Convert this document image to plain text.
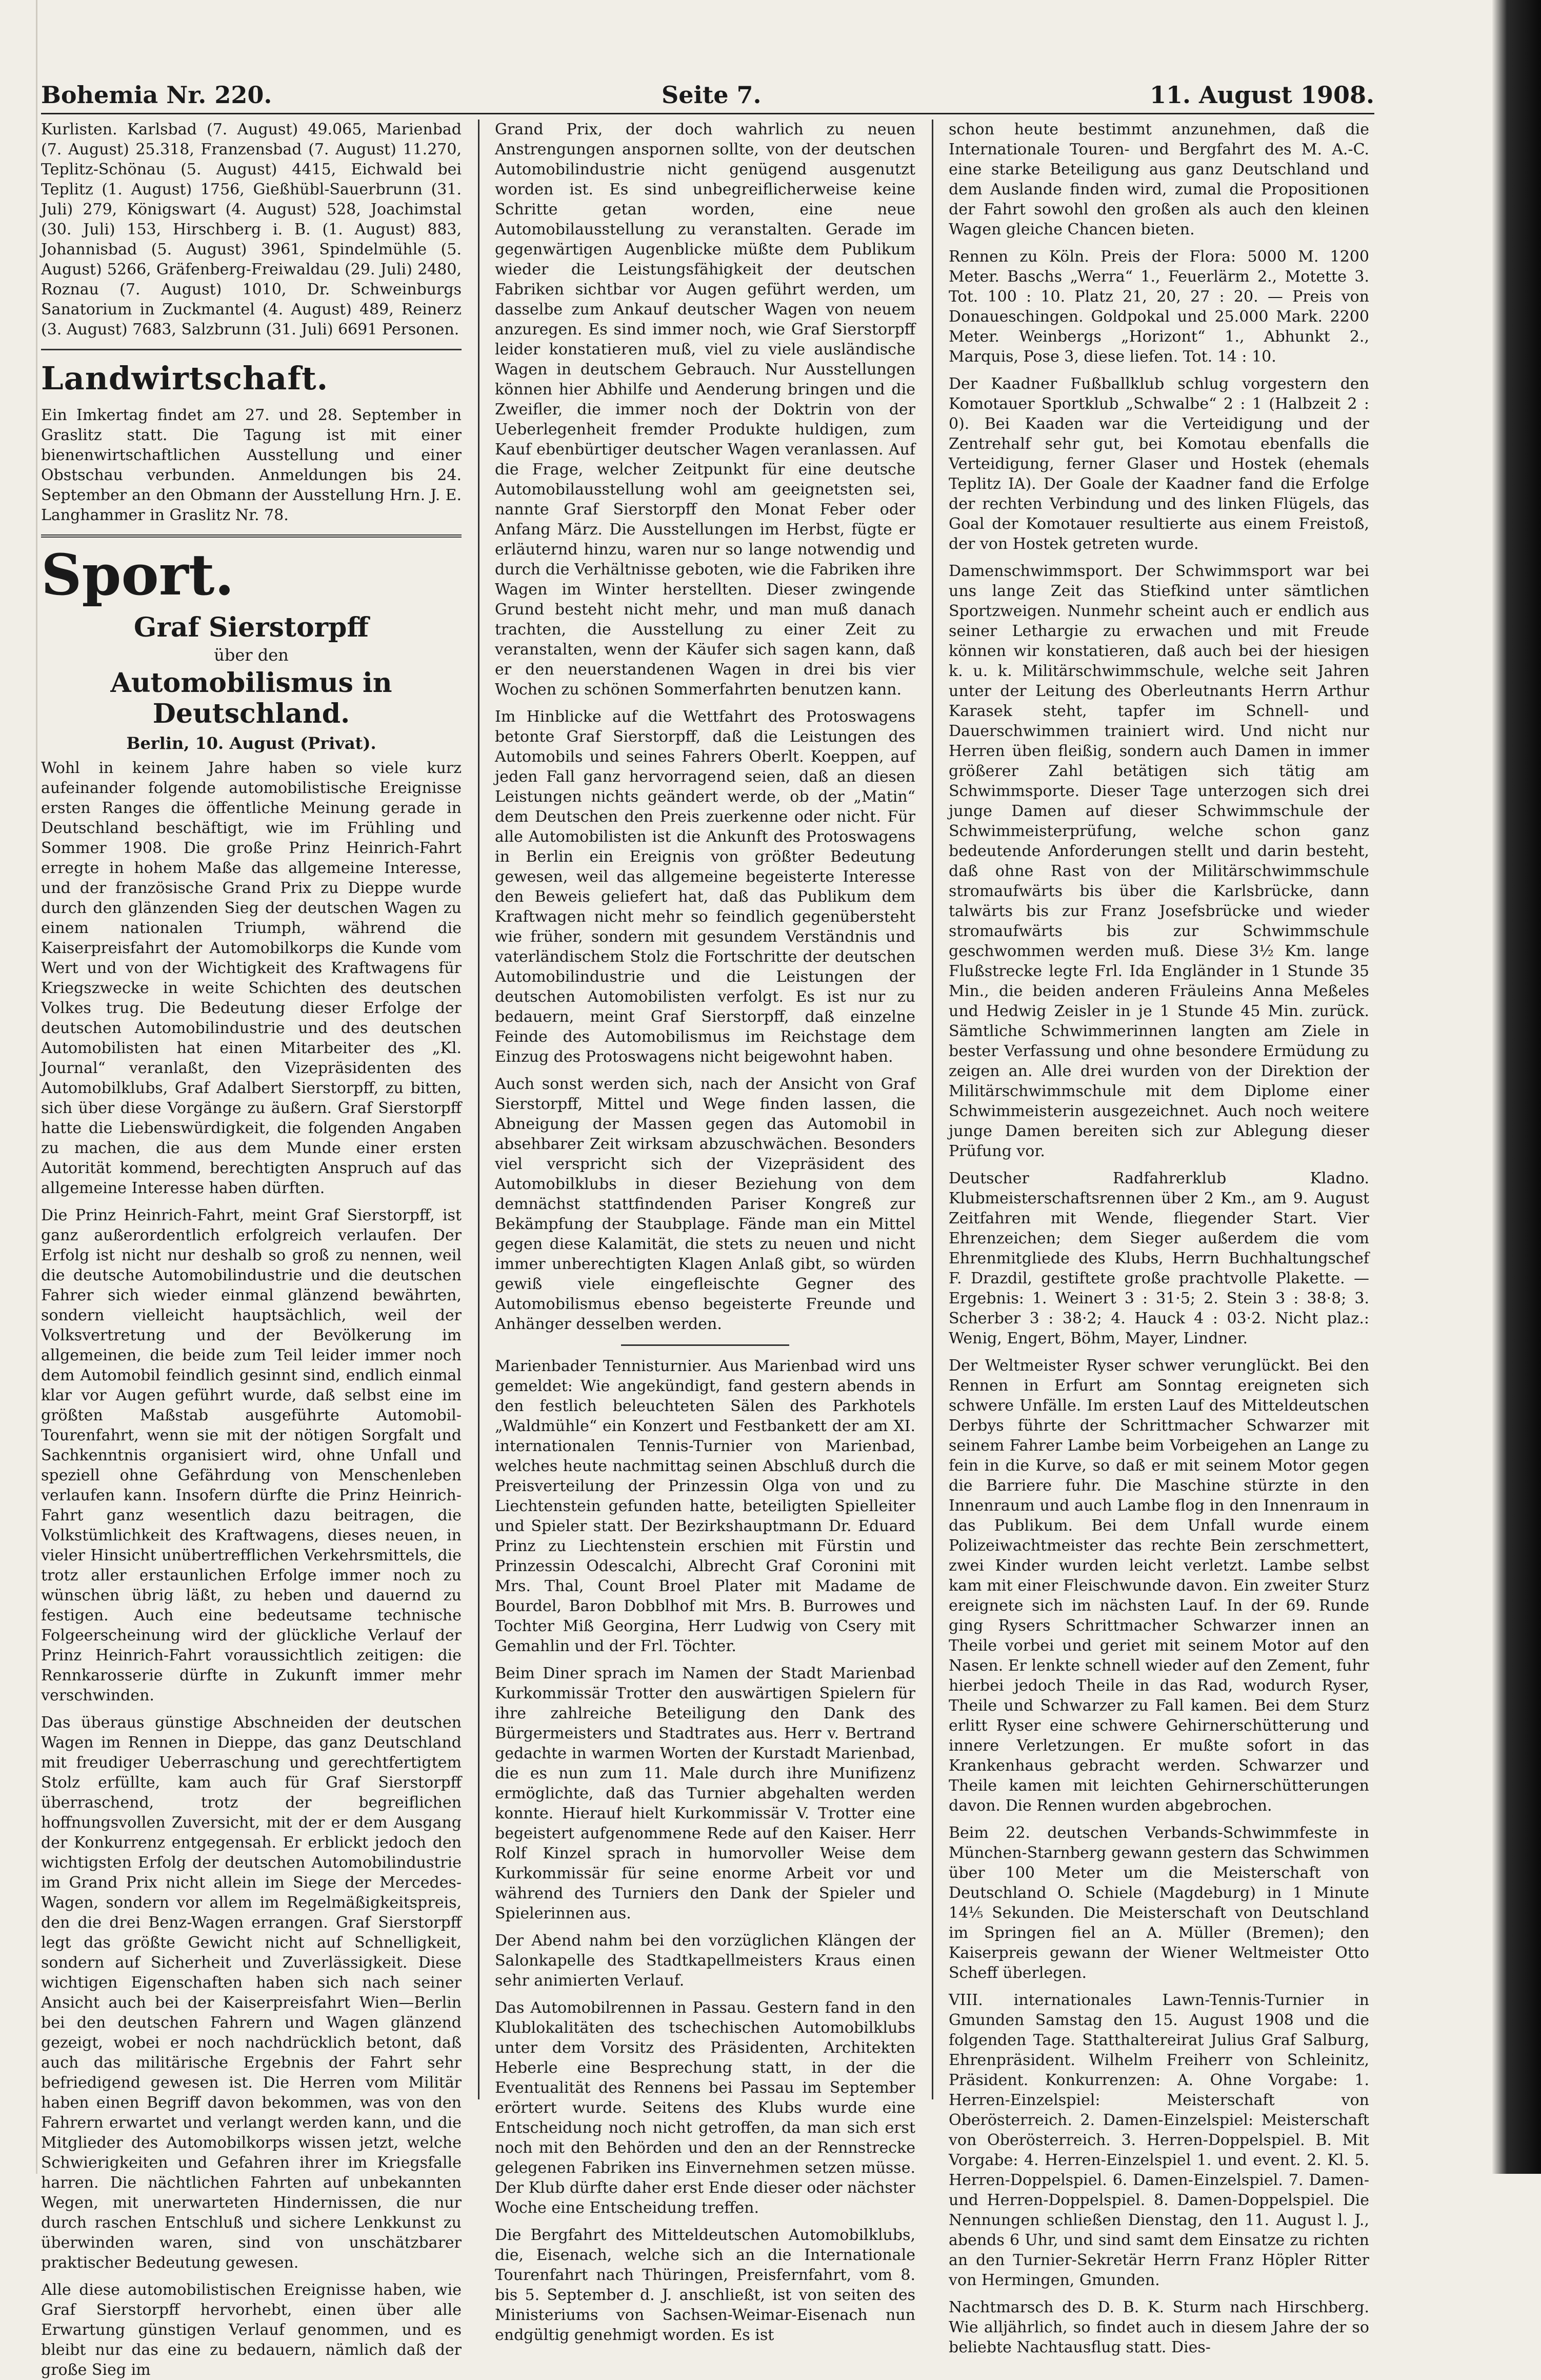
Bohemia Nr. 220.	Seite 7.	11. August 1908.

Kurlisten. Karlsbad (7. August) 49.065, Marienbad (7. August) 25.318, Franzensbad (7. August) 11.270, Teplitz-Schönau (5. August) 4415, Eichwald bei Teplitz (1. August) 1756, Gießhübl-Sauerbrunn (31. Juli) 279, Königswart (4. August) 528, Joachimstal (30. Juli) 153, Hirschberg i. B. (1. August) 883, Johannisbad (5. August) 3961, Spindelmühle (5. August) 5266, Gräfenberg-Freiwaldau (29. Juli) 2480, Roznau (7. August) 1010, Dr. Schweinburgs Sanatorium in Zuckmantel (4. August) 489, Reinerz (3. August) 7683, Salzbrunn (31. Juli) 6691 Personen.

Landwirtschaft.

Ein Imkertag findet am 27. und 28. September in Graslitz statt. Die Tagung ist mit einer bienenwirtschaftlichen Ausstellung und einer Obstschau verbunden. Anmeldungen bis 24. September an den Obmann der Ausstellung Hrn. J. E. Langhammer in Graslitz Nr. 78.

Sport.
Graf Sierstorpff
über den
Automobilismus in Deutschland.
Berlin, 10. August (Privat).

Wohl in keinem Jahre haben so viele kurz aufeinander folgende automobilistische Ereignisse ersten Ranges die öffentliche Meinung gerade in Deutschland beschäftigt, wie im Frühling und Sommer 1908. Die große Prinz Heinrich-Fahrt erregte in hohem Maße das allgemeine Interesse, und der französische Grand Prix zu Dieppe wurde durch den glänzenden Sieg der deutschen Wagen zu einem nationalen Triumph, während die Kaiserpreisfahrt der Automobilkorps die Kunde vom Wert und von der Wichtigkeit des Kraftwagens für Kriegszwecke in weite Schichten des deutschen Volkes trug. Die Bedeutung dieser Erfolge der deutschen Automobilindustrie und des deutschen Automobilisten hat einen Mitarbeiter des „Kl. Journal“ veranlaßt, den Vizepräsidenten des Automobilklubs, Graf Adalbert Sierstorpff, zu bitten, sich über diese Vorgänge zu äußern. Graf Sierstorpff hatte die Liebenswürdigkeit, die folgenden Angaben zu machen, die aus dem Munde einer ersten Autorität kommend, berechtigten Anspruch auf das allgemeine Interesse haben dürften.

Die Prinz Heinrich-Fahrt, meint Graf Sierstorpff, ist ganz außerordentlich erfolgreich verlaufen. Der Erfolg ist nicht nur deshalb so groß zu nennen, weil die deutsche Automobilindustrie und die deutschen Fahrer sich wieder einmal glänzend bewährten, sondern vielleicht hauptsächlich, weil der Volksvertretung und der Bevölkerung im allgemeinen, die beide zum Teil leider immer noch dem Automobil feindlich gesinnt sind, endlich einmal klar vor Augen geführt wurde, daß selbst eine im größten Maßstab ausgeführte Automobil-Tourenfahrt, wenn sie mit der nötigen Sorgfalt und Sachkenntnis organisiert wird, ohne Unfall und speziell ohne Gefährdung von Menschenleben verlaufen kann. Insofern dürfte die Prinz Heinrich-Fahrt ganz wesentlich dazu beitragen, die Volkstümlichkeit des Kraftwagens, dieses neuen, in vieler Hinsicht unübertrefflichen Verkehrsmittels, die trotz aller erstaunlichen Erfolge immer noch zu wünschen übrig läßt, zu heben und dauernd zu festigen. Auch eine bedeutsame technische Folgeerscheinung wird der glückliche Verlauf der Prinz Heinrich-Fahrt voraussichtlich zeitigen: die Rennkarosserie dürfte in Zukunft immer mehr verschwinden.

Das überaus günstige Abschneiden der deutschen Wagen im Rennen in Dieppe, das ganz Deutschland mit freudiger Ueberraschung und gerechtfertigtem Stolz erfüllte, kam auch für Graf Sierstorpff überraschend, trotz der begreiflichen hoffnungsvollen Zuversicht, mit der er dem Ausgang der Konkurrenz entgegensah. Er erblickt jedoch den wichtigsten Erfolg der deutschen Automobilindustrie im Grand Prix nicht allein im Siege der Mercedes-Wagen, sondern vor allem im Regelmäßigkeitspreis, den die drei Benz-Wagen errangen. Graf Sierstorpff legt das größte Gewicht nicht auf Schnelligkeit, sondern auf Sicherheit und Zuverlässigkeit. Diese wichtigen Eigenschaften haben sich nach seiner Ansicht auch bei der Kaiserpreisfahrt Wien—Berlin bei den deutschen Fahrern und Wagen glänzend gezeigt, wobei er noch nachdrücklich betont, daß auch das militärische Ergebnis der Fahrt sehr befriedigend gewesen ist. Die Herren vom Militär haben einen Begriff davon bekommen, was von den Fahrern erwartet und verlangt werden kann, und die Mitglieder des Automobilkorps wissen jetzt, welche Schwierigkeiten und Gefahren ihrer im Kriegsfalle harren. Die nächtlichen Fahrten auf unbekannten Wegen, mit unerwarteten Hindernissen, die nur durch raschen Entschluß und sichere Lenkkunst zu überwinden waren, sind von unschätzbarer praktischer Bedeutung gewesen.

Alle diese automobilistischen Ereignisse haben, wie Graf Sierstorpff hervorhebt, einen über alle Erwartung günstigen Verlauf genommen, und es bleibt nur das eine zu bedauern, nämlich daß der große Sieg im

Grand Prix, der doch wahrlich zu neuen Anstrengungen anspornen sollte, von der deutschen Automobilindustrie nicht genügend ausgenutzt worden ist. Es sind unbegreiflicherweise keine Schritte getan worden, eine neue Automobilausstellung zu veranstalten. Gerade im gegenwärtigen Augenblicke müßte dem Publikum wieder die Leistungsfähigkeit der deutschen Fabriken sichtbar vor Augen geführt werden, um dasselbe zum Ankauf deutscher Wagen von neuem anzuregen. Es sind immer noch, wie Graf Sierstorpff leider konstatieren muß, viel zu viele ausländische Wagen in deutschem Gebrauch. Nur Ausstellungen können hier Abhilfe und Aenderung bringen und die Zweifler, die immer noch der Doktrin von der Ueberlegenheit fremder Produkte huldigen, zum Kauf ebenbürtiger deutscher Wagen veranlassen. Auf die Frage, welcher Zeitpunkt für eine deutsche Automobilausstellung wohl am geeignetsten sei, nannte Graf Sierstorpff den Monat Feber oder Anfang März. Die Ausstellungen im Herbst, fügte er erläuternd hinzu, waren nur so lange notwendig und durch die Verhältnisse geboten, wie die Fabriken ihre Wagen im Winter herstellten. Dieser zwingende Grund besteht nicht mehr, und man muß danach trachten, die Ausstellung zu einer Zeit zu veranstalten, wenn der Käufer sich sagen kann, daß er den neuerstandenen Wagen in drei bis vier Wochen zu schönen Sommerfahrten benutzen kann.

Im Hinblicke auf die Wettfahrt des Protoswagens betonte Graf Sierstorpff, daß die Leistungen des Automobils und seines Fahrers Oberlt. Koeppen, auf jeden Fall ganz hervorragend seien, daß an diesen Leistungen nichts geändert werde, ob der „Matin“ dem Deutschen den Preis zuerkenne oder nicht. Für alle Automobilisten ist die Ankunft des Protoswagens in Berlin ein Ereignis von größter Bedeutung gewesen, weil das allgemeine begeisterte Interesse den Beweis geliefert hat, daß das Publikum dem Kraftwagen nicht mehr so feindlich gegenübersteht wie früher, sondern mit gesundem Verständnis und vaterländischem Stolz die Fortschritte der deutschen Automobilindustrie und die Leistungen der deutschen Automobilisten verfolgt. Es ist nur zu bedauern, meint Graf Sierstorpff, daß einzelne Feinde des Automobilismus im Reichstage dem Einzug des Protoswagens nicht beigewohnt haben.

Auch sonst werden sich, nach der Ansicht von Graf Sierstorpff, Mittel und Wege finden lassen, die Abneigung der Massen gegen das Automobil in absehbarer Zeit wirksam abzuschwächen. Besonders viel verspricht sich der Vizepräsident des Automobilklubs in dieser Beziehung von dem demnächst stattfindenden Pariser Kongreß zur Bekämpfung der Staubplage. Fände man ein Mittel gegen diese Kalamität, die stets zu neuen und nicht immer unberechtigten Klagen Anlaß gibt, so würden gewiß viele eingefleischte Gegner des Automobilismus ebenso begeisterte Freunde und Anhänger desselben werden.

Marienbader Tennisturnier. Aus Marienbad wird uns gemeldet: Wie angekündigt, fand gestern abends in den festlich beleuchteten Sälen des Parkhotels „Waldmühle“ ein Konzert und Festbankett der am XI. internationalen Tennis-Turnier von Marienbad, welches heute nachmittag seinen Abschluß durch die Preisverteilung der Prinzessin Olga von und zu Liechtenstein gefunden hatte, beteiligten Spielleiter und Spieler statt. Der Bezirkshauptmann Dr. Eduard Prinz zu Liechtenstein erschien mit Fürstin und Prinzessin Odescalchi, Albrecht Graf Coronini mit Mrs. Thal, Count Broel Plater mit Madame de Bourdel, Baron Dobblhof mit Mrs. B. Burrowes und Tochter Miß Georgina, Herr Ludwig von Csery mit Gemahlin und der Frl. Töchter.

Beim Diner sprach im Namen der Stadt Marienbad Kurkommissär Trotter den auswärtigen Spielern für ihre zahlreiche Beteiligung den Dank des Bürgermeisters und Stadtrates aus. Herr v. Bertrand gedachte in warmen Worten der Kurstadt Marienbad, die es nun zum 11. Male durch ihre Munifizenz ermöglichte, daß das Turnier abgehalten werden konnte. Hierauf hielt Kurkommissär V. Trotter eine begeistert aufgenommene Rede auf den Kaiser. Herr Rolf Kinzel sprach in humorvoller Weise dem Kurkommissär für seine enorme Arbeit vor und während des Turniers den Dank der Spieler und Spielerinnen aus.

Der Abend nahm bei den vorzüglichen Klängen der Salonkapelle des Stadtkapellmeisters Kraus einen sehr animierten Verlauf.

Das Automobilrennen in Passau. Gestern fand in den Klublokalitäten des tschechischen Automobilklubs unter dem Vorsitz des Präsidenten, Architekten Heberle eine Besprechung statt, in der die Eventualität des Rennens bei Passau im September erörtert wurde. Seitens des Klubs wurde eine Entscheidung noch nicht getroffen, da man sich erst noch mit den Behörden und den an der Rennstrecke gelegenen Fabriken ins Einvernehmen setzen müsse. Der Klub dürfte daher erst Ende dieser oder nächster Woche eine Entscheidung treffen.

Die Bergfahrt des Mitteldeutschen Automobilklubs, die, Eisenach, welche sich an die Internationale Tourenfahrt nach Thüringen, Preisfernfahrt, vom 8. bis 5. September d. J. anschließt, ist von seiten des Ministeriums von Sachsen-Weimar-Eisenach nun endgültig genehmigt worden. Es ist

schon heute bestimmt anzunehmen, daß die Internationale Touren- und Bergfahrt des M. A.-C. eine starke Beteiligung aus ganz Deutschland und dem Auslande finden wird, zumal die Propositionen der Fahrt sowohl den großen als auch den kleinen Wagen gleiche Chancen bieten.

Rennen zu Köln. Preis der Flora: 5000 M. 1200 Meter. Baschs „Werra“ 1., Feuerlärm 2., Motette 3. Tot. 100 : 10. Platz 21, 20, 27 : 20. — Preis von Donaueschingen. Goldpokal und 25.000 Mark. 2200 Meter. Weinbergs „Horizont“ 1., Abhunkt 2., Marquis, Pose 3, diese liefen. Tot. 14 : 10.

Der Kaadner Fußballklub schlug vorgestern den Komotauer Sportklub „Schwalbe“ 2 : 1 (Halbzeit 2 : 0). Bei Kaaden war die Verteidigung und der Zentrehalf sehr gut, bei Komotau ebenfalls die Verteidigung, ferner Glaser und Hostek (ehemals Teplitz IA). Der Goale der Kaadner fand die Erfolge der rechten Verbindung und des linken Flügels, das Goal der Komotauer resultierte aus einem Freistoß, der von Hostek getreten wurde.

Damenschwimmsport. Der Schwimmsport war bei uns lange Zeit das Stiefkind unter sämtlichen Sportzweigen. Nunmehr scheint auch er endlich aus seiner Lethargie zu erwachen und mit Freude können wir konstatieren, daß auch bei der hiesigen k. u. k. Militärschwimmschule, welche seit Jahren unter der Leitung des Oberleutnants Herrn Arthur Karasek steht, tapfer im Schnell- und Dauerschwimmen trainiert wird. Und nicht nur Herren üben fleißig, sondern auch Damen in immer größerer Zahl betätigen sich tätig am Schwimmsporte. Dieser Tage unterzogen sich drei junge Damen auf dieser Schwimmschule der Schwimmeisterprüfung, welche schon ganz bedeutende Anforderungen stellt und darin besteht, daß ohne Rast von der Militärschwimmschule stromaufwärts bis über die Karlsbrücke, dann talwärts bis zur Franz Josefsbrücke und wieder stromaufwärts bis zur Schwimmschule geschwommen werden muß. Diese 3½ Km. lange Flußstrecke legte Frl. Ida Engländer in 1 Stunde 35 Min., die beiden anderen Fräuleins Anna Meßeles und Hedwig Zeisler in je 1 Stunde 45 Min. zurück. Sämtliche Schwimmerinnen langten am Ziele in bester Verfassung und ohne besondere Ermüdung zu zeigen an. Alle drei wurden von der Direktion der Militärschwimmschule mit dem Diplome einer Schwimmeisterin ausgezeichnet. Auch noch weitere junge Damen bereiten sich zur Ablegung dieser Prüfung vor.

Deutscher Radfahrerklub Kladno. Klubmeisterschaftsrennen über 2 Km., am 9. August Zeitfahren mit Wende, fliegender Start. Vier Ehrenzeichen; dem Sieger außerdem die vom Ehrenmitgliede des Klubs, Herrn Buchhaltungschef F. Drazdil, gestiftete große prachtvolle Plakette. — Ergebnis: 1. Weinert 3 : 31·5; 2. Stein 3 : 38·8; 3. Scherber 3 : 38·2; 4. Hauck 4 : 03·2. Nicht plaz.: Wenig, Engert, Böhm, Mayer, Lindner.

Der Weltmeister Ryser schwer verunglückt. Bei den Rennen in Erfurt am Sonntag ereigneten sich schwere Unfälle. Im ersten Lauf des Mitteldeutschen Derbys führte der Schrittmacher Schwarzer mit seinem Fahrer Lambe beim Vorbeigehen an Lange zu fein in die Kurve, so daß er mit seinem Motor gegen die Barriere fuhr. Die Maschine stürzte in den Innenraum und auch Lambe flog in den Innenraum in das Publikum. Bei dem Unfall wurde einem Polizeiwachtmeister das rechte Bein zerschmettert, zwei Kinder wurden leicht verletzt. Lambe selbst kam mit einer Fleischwunde davon. Ein zweiter Sturz ereignete sich im nächsten Lauf. In der 69. Runde ging Rysers Schrittmacher Schwarzer innen an Theile vorbei und geriet mit seinem Motor auf den Nasen. Er lenkte schnell wieder auf den Zement, fuhr hierbei jedoch Theile in das Rad, wodurch Ryser, Theile und Schwarzer zu Fall kamen. Bei dem Sturz erlitt Ryser eine schwere Gehirnerschütterung und innere Verletzungen. Er mußte sofort in das Krankenhaus gebracht werden. Schwarzer und Theile kamen mit leichten Gehirnerschütterungen davon. Die Rennen wurden abgebrochen.

Beim 22. deutschen Verbands-Schwimmfeste in München-Starnberg gewann gestern das Schwimmen über 100 Meter um die Meisterschaft von Deutschland O. Schiele (Magdeburg) in 1 Minute 14⅕ Sekunden. Die Meisterschaft von Deutschland im Springen fiel an A. Müller (Bremen); den Kaiserpreis gewann der Wiener Weltmeister Otto Scheff überlegen.

VIII. internationales Lawn-Tennis-Turnier in Gmunden Samstag den 15. August 1908 und die folgenden Tage. Statthaltereirat Julius Graf Salburg, Ehrenpräsident. Wilhelm Freiherr von Schleinitz, Präsident. Konkurrenzen: A. Ohne Vorgabe: 1. Herren-Einzelspiel: Meisterschaft von Oberösterreich. 2. Damen-Einzelspiel: Meisterschaft von Oberösterreich. 3. Herren-Doppelspiel. B. Mit Vorgabe: 4. Herren-Einzelspiel 1. und event. 2. Kl. 5. Herren-Doppelspiel. 6. Damen-Einzelspiel. 7. Damen- und Herren-Doppelspiel. 8. Damen-Doppelspiel. Die Nennungen schließen Dienstag, den 11. August l. J., abends 6 Uhr, und sind samt dem Einsatze zu richten an den Turnier-Sekretär Herrn Franz Höpler Ritter von Hermingen, Gmunden.

Nachtmarsch des D. B. K. Sturm nach Hirschberg. Wie alljährlich, so findet auch in diesem Jahre der so beliebte Nachtausflug statt. Dies-
